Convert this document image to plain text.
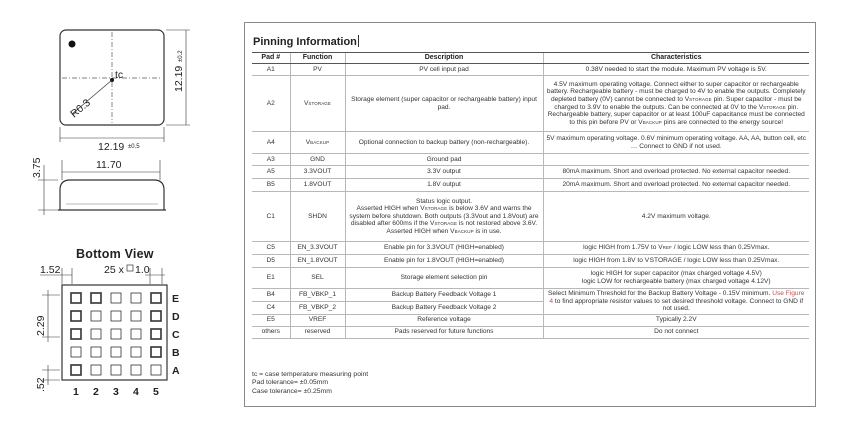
tc
R0.3
12.19 ±0.5
12.19
±0.2
11.70
3.75
1.52	25 x 1.0
2.29
.52
E
D
C
B
A
1 2 3 4 5
Bottom View
Pinning Information
Pad #	Function	Description	Characteristics
A1	PV	PV cell input pad	0.38V needed to start the module. Maximum PV voltage is 5V.
A2	VSTORAGE	Storage element (super capacitor or rechargeable battery) input pad.	4.5V maximum operating voltage. Connect either to super capacitor or rechargeable battery. Rechargeable battery - must be charged to 4V to enable the outputs. Completely depleted battery (0V) cannot be connected to VSTORAGE pin. Super capacitor - must be charged to 3.9V to enable the outputs. Can be connected at 0V to the VSTORAGE pin. Rechargeable battery, super capacitor or at least 100uF capacitance must be connected to this pin before PV or VBACKUP pins are connected to the energy source!
A4	VBACKUP	Optional connection to backup battery (non-rechargeable).	5V maximum operating voltage. 0.6V minimum operating voltage. AA, AA, button cell, etc … Connect to GND if not used.
A3	GND	Ground pad	
A5	3.3VOUT	3.3V output	80mA maximum. Short and overload protected. No external capacitor needed.
B5	1.8VOUT	1.8V output	20mA maximum. Short and overload protected. No external capacitor needed.
C1	SHDN	Status logic output.
Asserted HIGH when VSTORAGE is below 3.6V and warns the system before shutdown. Both outputs (3.3Vout and 1.8Vout) are disabled after 600ms if the VSTORAGE is not restored above 3.6V. Asserted HIGH when VBACKUP is in use.	4.2V maximum voltage.
C5	EN_3.3VOUT	Enable pin for 3.3VOUT (HIGH=enabled)	logic HIGH from 1.75V to VREF / logic LOW less than 0.25Vmax.
D5	EN_1.8VOUT	Enable pin for 1.8VOUT (HIGH=enabled)	logic HIGH from 1.8V to V STORAGE / logic LOW less than 0.25Vmax.
E1	SEL	Storage element selection pin	logic HIGH for super capacitor (max charged voltage 4.5V)
logic LOW for rechargeable battery (max charged voltage 4.12V)
B4	FB_VBKP_1	Backup Battery Feedback Voltage 1	Select Minimum Threshold for the Backup Battery Voltage - 0.15V minimum. Use Figure 4 to find appropriate resistor values to set desired threshold voltage. Connect to GND if not used.
C4	FB_VBKP_2	Backup Battery Feedback Voltage 2	
E5	VREF	Reference voltage	Typically 2.2V
others	reserved	Pads reserved for future functions	Do not connect
tc = case temperature measuring point
Pad tolerance= ±0.05mm
Case tolerance= ±0.25mm
